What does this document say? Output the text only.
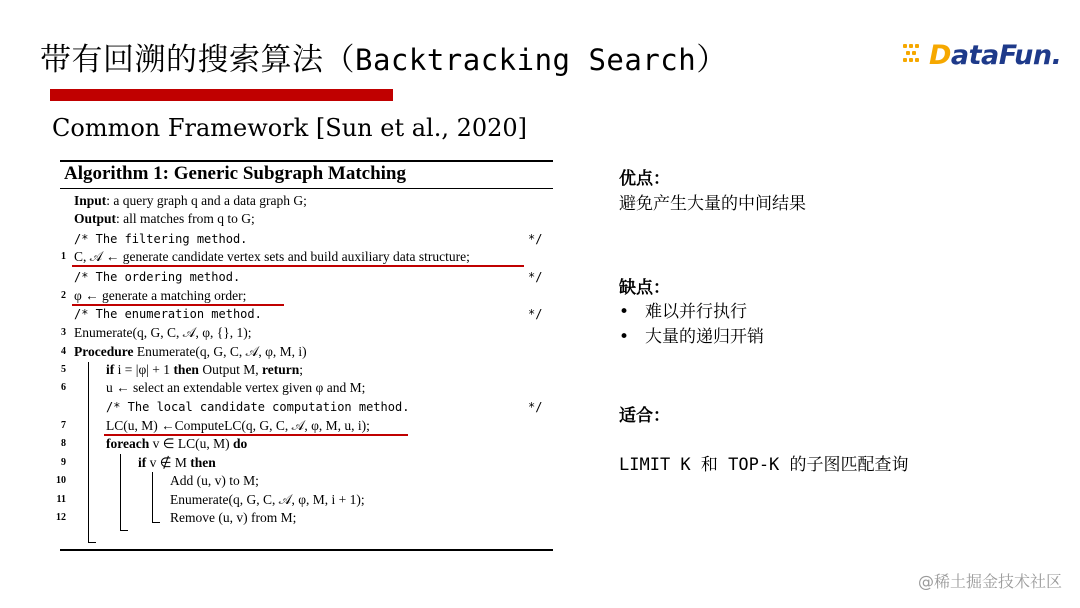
带有回溯的搜索算法（Backtracking Search）	DataFun.
Common Framework [Sun et al., 2020]
Algorithm 1: Generic Subgraph Matching
Input: a query graph q and a data graph G;
Output: all matches from q to G;
/* The filtering method.	*/
1 C, 𝒜 ← generate candidate vertex sets and build auxiliary data structure;
/* The ordering method.	*/
2 φ ← generate a matching order;
/* The enumeration method.	*/
3 Enumerate(q, G, C, 𝒜, φ, {}, 1);
4 Procedure Enumerate(q, G, C, 𝒜, φ, M, i)
5	if i = |φ| + 1 then Output M, return;
6	u ← select an extendable vertex given φ and M;
/* The local candidate computation method.	*/
7	LC(u, M) ←ComputeLC(q, G, C, 𝒜, φ, M, u, i);
8	foreach v ∈ LC(u, M) do
9	if v ∉ M then
10	Add (u, v) to M;
11	Enumerate(q, G, C, 𝒜, φ, M, i + 1);
12	Remove (u, v) from M;
优点：
避免产生大量的中间结果
缺点：
• 难以并行执行
• 大量的递归开销
适合：
LIMIT K 和 TOP-K 的子图匹配查询
@稀土掘金技术社区
